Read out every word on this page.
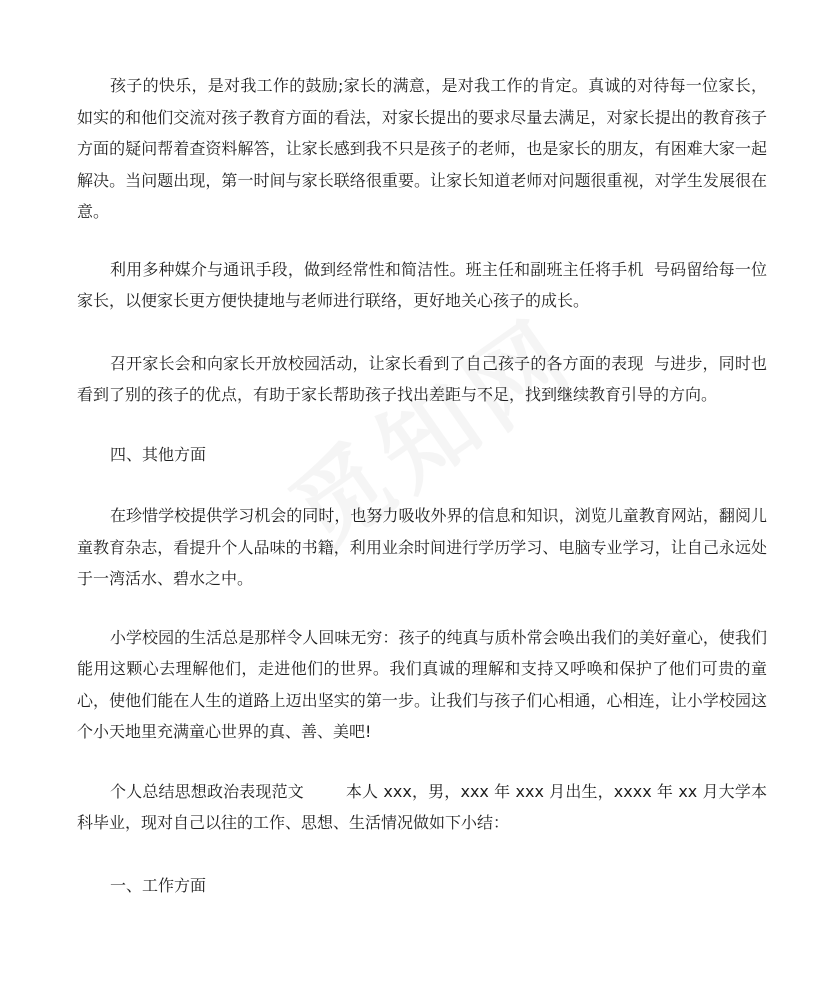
孩子的快乐，是对我工作的鼓励;家长的满意，是对我工作的肯定。真诚的对待每一位家长，如实的和他们交流对孩子教育方面的看法，对家长提出的要求尽量去满足，对家长提出的教育孩子方面的疑问帮着查资料解答，让家长感到我不只是孩子的老师，也是家长的朋友，有困难大家一起解决。当问题出现，第一时间与家长联络很重要。让家长知道老师对问题很重视，对学生发展很在意。

利用多种媒介与通讯手段，做到经常性和简洁性。班主任和副班主任将手机  号码留给每一位家长，以便家长更方便快捷地与老师进行联络，更好地关心孩子的成长。

召开家长会和向家长开放校园活动，让家长看到了自己孩子的各方面的表现  与进步，同时也看到了别的孩子的优点，有助于家长帮助孩子找出差距与不足，找到继续教育引导的方向。

四、其他方面

在珍惜学校提供学习机会的同时，也努力吸收外界的信息和知识，浏览儿童教育网站，翻阅儿童教育杂志，看提升个人品味的书籍，利用业余时间进行学历学习、电脑专业学习，让自己永远处于一湾活水、碧水之中。

小学校园的生活总是那样令人回味无穷：孩子的纯真与质朴常会唤出我们的美好童心，使我们能用这颗心去理解他们，走进他们的世界。我们真诚的理解和支持又呼唤和保护了他们可贵的童心，使他们能在人生的道路上迈出坚实的第一步。让我们与孩子们心相通，心相连，让小学校园这个小天地里充满童心世界的真、善、美吧!

个人总结思想政治表现范文        本人 xxx，男，xxx 年 xxx 月出生，xxxx 年 xx 月大学本科毕业，现对自己以往的工作、思想、生活情况做如下小结：

一、工作方面
